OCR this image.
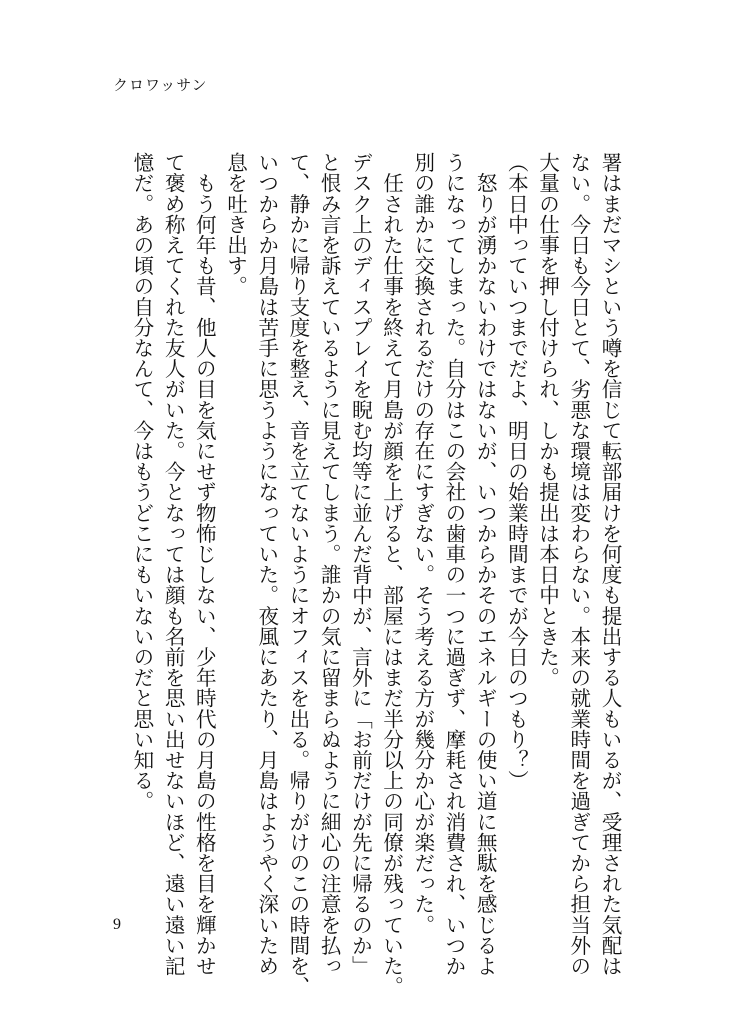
クロワッサン
署はまだマシという噂を信じて転部届けを何度も提出する人もいるが、受理された気配は
ない。今日も今日とて、劣悪な環境は変わらない。本来の就業時間を過ぎてから担当外の
大量の仕事を押し付けられ、しかも提出は本日中ときた。
（本日中っていつまでだよ、明日の始業時間までが今日のつもり？）
　怒りが湧かないわけではないが、いつからかそのエネルギーの使い道に無駄を感じるよ
うになってしまった。自分はこの会社の歯車の一つに過ぎず、摩耗され消費され、いつか
別の誰かに交換されるだけの存在にすぎない。そう考える方が幾分か心が楽だった。
　任された仕事を終えて月島が顔を上げると、部屋にはまだ半分以上の同僚が残っていた。
デスク上のディスプレイを睨む均等に並んだ背中が、言外に「お前だけが先に帰るのか」
と恨み言を訴えているように見えてしまう。誰かの気に留まらぬように細心の注意を払っ
て、静かに帰り支度を整え、音を立てないようにオフィスを出る。帰りがけのこの時間を、
いつからか月島は苦手に思うようになっていた。夜風にあたり、月島はようやく深いため
息を吐き出す。
　もう何年も昔、他人の目を気にせず物怖じしない、少年時代の月島の性格を目を輝かせ
て褒め称えてくれた友人がいた。今となっては顔も名前を思い出せないほど、遠い遠い記
憶だ。あの頃の自分なんて、今はもうどこにもいないのだと思い知る。
9
